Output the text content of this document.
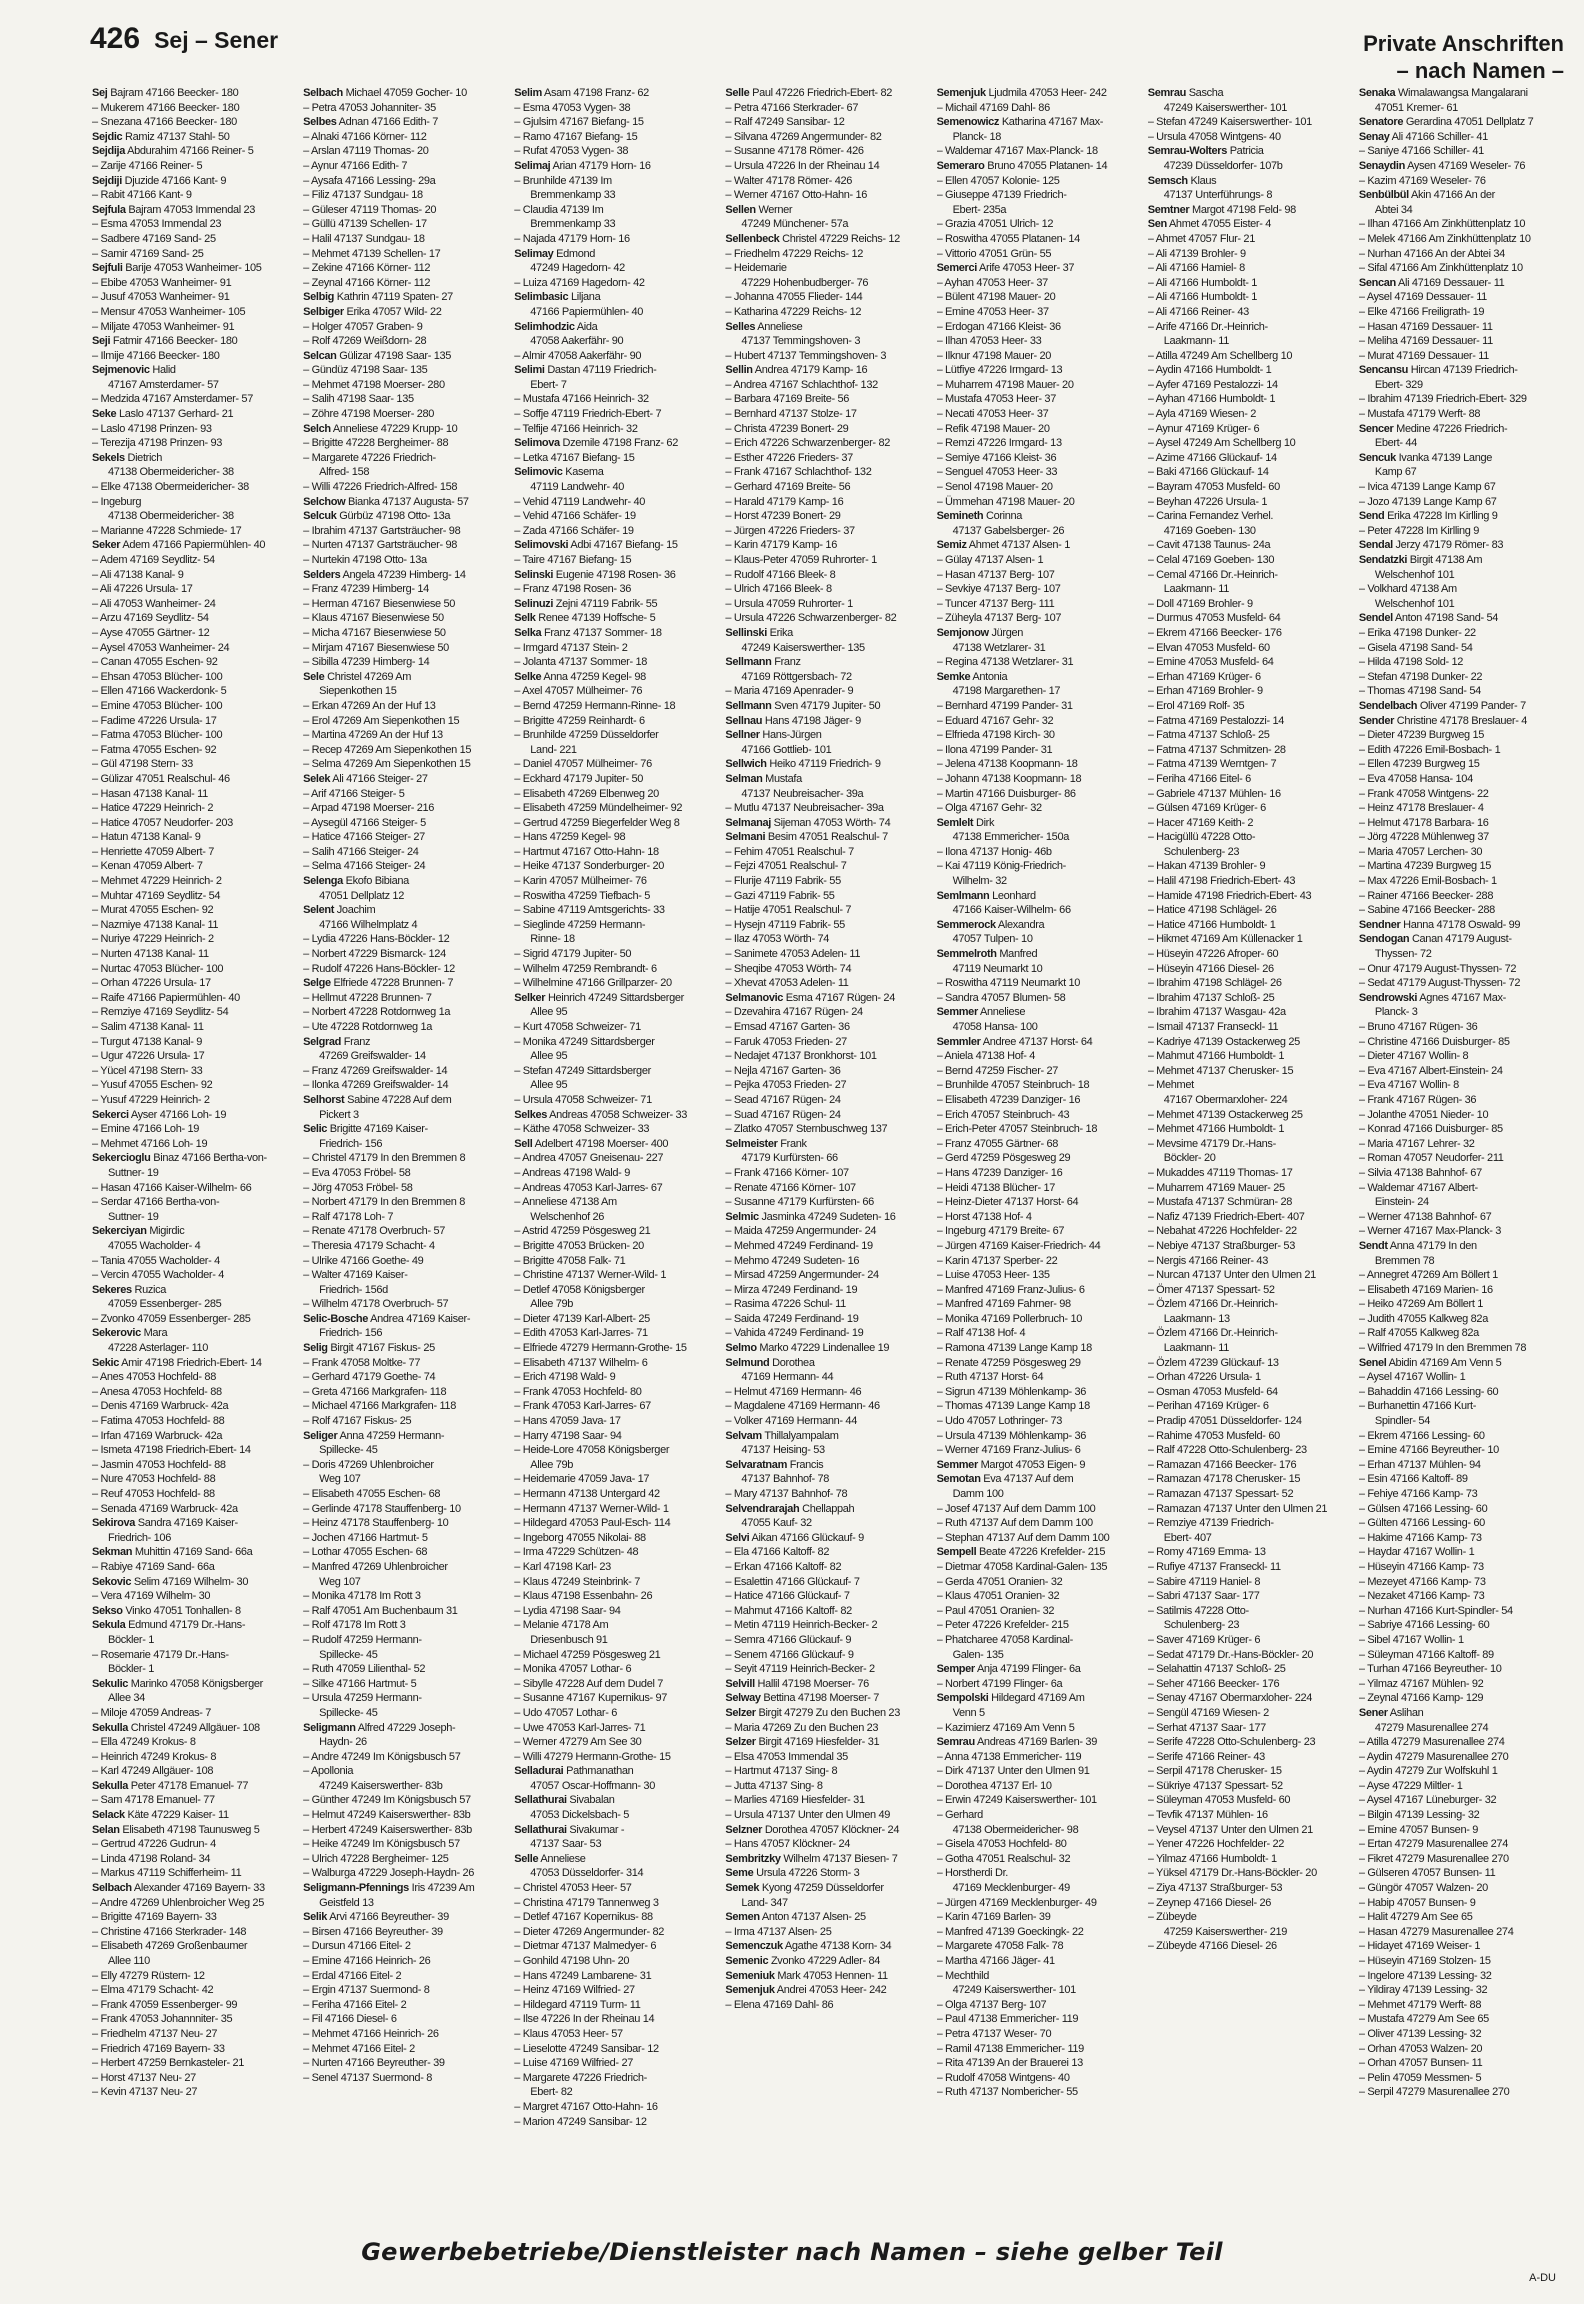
426 Sej – Sener	Private Anschriften
– nach Namen –
Sej Bajram 47166 Beecker- 180
– Mukerem 47166 Beecker- 180
– Snezana 47166 Beecker- 180
Sejdic Ramiz 47137 Stahl- 50
Sejdija Abdurahim 47166 Reiner- 5
– Zarije 47166 Reiner- 5
Sejdiji Djuzide 47166 Kant- 9
– Rabit 47166 Kant- 9
Sejfula Bajram 47053 Immendal 23
– Esma 47053 Immendal 23
– Sadbere 47169 Sand- 25
– Samir 47169 Sand- 25
Sejfuli Barije 47053 Wanheimer- 105
– Ebibe 47053 Wanheimer- 91
– Jusuf 47053 Wanheimer- 91
– Mensur 47053 Wanheimer- 105
– Miljate 47053 Wanheimer- 91
Seji Fatmir 47166 Beecker- 180
– Ilmije 47166 Beecker- 180
Sejmenovic Halid
47167 Amsterdamer- 57
– Medzida 47167 Amsterdamer- 57
Seke Laslo 47137 Gerhard- 21
– Laslo 47198 Prinzen- 93
– Terezija 47198 Prinzen- 93
Sekels Dietrich
47138 Obermeidericher- 38
– Elke 47138 Obermeidericher- 38
– Ingeburg
47138 Obermeidericher- 38
– Marianne 47228 Schmiede- 17
Seker Adem 47166 Papiermühlen- 40
– Adem 47169 Seydlitz- 54
– Ali 47138 Kanal- 9
– Ali 47226 Ursula- 17
– Ali 47053 Wanheimer- 24
– Arzu 47169 Seydlitz- 54
– Ayse 47055 Gärtner- 12
– Aysel 47053 Wanheimer- 24
– Canan 47055 Eschen- 92
– Ehsan 47053 Blücher- 100
– Ellen 47166 Wackerdonk- 5
– Emine 47053 Blücher- 100
– Fadime 47226 Ursula- 17
– Fatma 47053 Blücher- 100
– Fatma 47055 Eschen- 92
– Gül 47198 Stern- 33
– Gülizar 47051 Realschul- 46
– Hasan 47138 Kanal- 11
– Hatice 47229 Heinrich- 2
– Hatice 47057 Neudorfer- 203
– Hatun 47138 Kanal- 9
– Henriette 47059 Albert- 7
– Kenan 47059 Albert- 7
– Mehmet 47229 Heinrich- 2
– Muhtar 47169 Seydlitz- 54
– Murat 47055 Eschen- 92
– Nazmiye 47138 Kanal- 11
– Nuriye 47229 Heinrich- 2
– Nurten 47138 Kanal- 11
– Nurtac 47053 Blücher- 100
– Orhan 47226 Ursula- 17
– Raife 47166 Papiermühlen- 40
– Remziye 47169 Seydlitz- 54
– Salim 47138 Kanal- 11
– Turgut 47138 Kanal- 9
– Ugur 47226 Ursula- 17
– Yücel 47198 Stern- 33
– Yusuf 47055 Eschen- 92
– Yusuf 47229 Heinrich- 2
Sekerci Ayser 47166 Loh- 19
– Emine 47166 Loh- 19
– Mehmet 47166 Loh- 19
Sekercioglu Binaz 47166 Bertha-von-
Suttner- 19
– Hasan 47166 Kaiser-Wilhelm- 66
– Serdar 47166 Bertha-von-
Suttner- 19
Sekerciyan Migirdic
47055 Wacholder- 4
– Tania 47055 Wacholder- 4
– Vercin 47055 Wacholder- 4
Sekeres Ruzica
47059 Essenberger- 285
– Zvonko 47059 Essenberger- 285
Sekerovic Mara
47228 Asterlager- 110
Sekic Amir 47198 Friedrich-Ebert- 14
– Anes 47053 Hochfeld- 88
– Anesa 47053 Hochfeld- 88
– Denis 47169 Warbruck- 42a
– Fatima 47053 Hochfeld- 88
– Irfan 47169 Warbruck- 42a
– Ismeta 47198 Friedrich-Ebert- 14
– Jasmin 47053 Hochfeld- 88
– Nure 47053 Hochfeld- 88
– Reuf 47053 Hochfeld- 88
– Senada 47169 Warbruck- 42a
Sekirova Sandra 47169 Kaiser-
Friedrich- 106
Sekman Muhittin 47169 Sand- 66a
– Rabiye 47169 Sand- 66a
Sekovic Selim 47169 Wilhelm- 30
– Vera 47169 Wilhelm- 30
Sekso Vinko 47051 Tonhallen- 8
Sekula Edmund 47179 Dr.-Hans-
Böckler- 1
– Rosemarie 47179 Dr.-Hans-
Böckler- 1
Sekulic Marinko 47058 Königsberger
Allee 34
– Miloje 47059 Andreas- 7
Sekulla Christel 47249 Allgäuer- 108
– Ella 47249 Krokus- 8
– Heinrich 47249 Krokus- 8
– Karl 47249 Allgäuer- 108
Sekulla Peter 47178 Emanuel- 77
– Sam 47178 Emanuel- 77
Selack Käte 47229 Kaiser- 11
Selan Elisabeth 47198 Taunusweg 5
– Gertrud 47226 Gudrun- 4
– Linda 47198 Roland- 34
– Markus 47119 Schifferheim- 11
Selbach Alexander 47169 Bayern- 33
– Andre 47269 Uhlenbroicher Weg 25
– Brigitte 47169 Bayern- 33
– Christine 47166 Sterkrader- 148
– Elisabeth 47269 Großenbaumer
Allee 110
– Elly 47279 Rüstern- 12
– Elma 47179 Schacht- 42
– Frank 47059 Essenberger- 99
– Frank 47053 Johannniter- 35
– Friedhelm 47137 Neu- 27
– Friedrich 47169 Bayern- 33
– Herbert 47259 Bernkasteler- 21
– Horst 47137 Neu- 27
– Kevin 47137 Neu- 27
Selbach Michael 47059 Gocher- 10
– Petra 47053 Johanniter- 35
Selbes Adnan 47166 Edith- 7
– Alnaki 47166 Körner- 112
– Arslan 47119 Thomas- 20
– Aynur 47166 Edith- 7
– Aysafa 47166 Lessing- 29a
– Filiz 47137 Sundgau- 18
– Güleser 47119 Thomas- 20
– Güllü 47139 Schellen- 17
– Halil 47137 Sundgau- 18
– Mehmet 47139 Schellen- 17
– Zekine 47166 Körner- 112
– Zeynal 47166 Körner- 112
Selbig Kathrin 47119 Spaten- 27
Selbiger Erika 47057 Wild- 22
– Holger 47057 Graben- 9
– Rolf 47269 Weißdorn- 28
Selcan Gülizar 47198 Saar- 135
– Gündüz 47198 Saar- 135
– Mehmet 47198 Moerser- 280
– Salih 47198 Saar- 135
– Zöhre 47198 Moerser- 280
Selch Anneliese 47229 Krupp- 10
– Brigitte 47228 Bergheimer- 88
– Margarete 47226 Friedrich-
Alfred- 158
– Willi 47226 Friedrich-Alfred- 158
Selchow Bianka 47137 Augusta- 57
Selcuk Gürbüz 47198 Otto- 13a
– Ibrahim 47137 Gartsträucher- 98
– Nurten 47137 Gartsträucher- 98
– Nurtekin 47198 Otto- 13a
Selders Angela 47239 Himberg- 14
– Franz 47239 Himberg- 14
– Herman 47167 Biesenwiese 50
– Klaus 47167 Biesenwiese 50
– Micha 47167 Biesenwiese 50
– Mirjam 47167 Biesenwiese 50
– Sibilla 47239 Himberg- 14
Sele Christel 47269 Am
Siepenkothen 15
– Erkan 47269 An der Huf 13
– Erol 47269 Am Siepenkothen 15
– Martina 47269 An der Huf 13
– Recep 47269 Am Siepenkothen 15
– Selma 47269 Am Siepenkothen 15
Selek Ali 47166 Steiger- 27
– Arif 47166 Steiger- 5
– Arpad 47198 Moerser- 216
– Aysegül 47166 Steiger- 5
– Hatice 47166 Steiger- 27
– Salih 47166 Steiger- 24
– Selma 47166 Steiger- 24
Selenga Ekofo Bibiana
47051 Dellplatz 12
Selent Joachim
47166 Wilhelmplatz 4
– Lydia 47226 Hans-Böckler- 12
– Norbert 47229 Bismarck- 124
– Rudolf 47226 Hans-Böckler- 12
Selge Elfriede 47228 Brunnen- 7
– Hellmut 47228 Brunnen- 7
– Norbert 47228 Rotdornweg 1a
– Ute 47228 Rotdornweg 1a
Selgrad Franz
47269 Greifswalder- 14
– Franz 47269 Greifswalder- 14
– Ilonka 47269 Greifswalder- 14
Selhorst Sabine 47228 Auf dem
Pickert 3
Selic Brigitte 47169 Kaiser-
Friedrich- 156
– Christel 47179 In den Bremmen 8
– Eva 47053 Fröbel- 58
– Jörg 47053 Fröbel- 58
– Norbert 47179 In den Bremmen 8
– Ralf 47178 Loh- 7
– Renate 47178 Overbruch- 57
– Theresia 47179 Schacht- 4
– Ulrike 47166 Goethe- 49
– Walter 47169 Kaiser-
Friedrich- 156d
– Wilhelm 47178 Overbruch- 57
Selic-Bosche Andrea 47169 Kaiser-
Friedrich- 156
Selig Birgit 47167 Fiskus- 25
– Frank 47058 Moltke- 77
– Gerhard 47179 Goethe- 74
– Greta 47166 Markgrafen- 118
– Michael 47166 Markgrafen- 118
– Rolf 47167 Fiskus- 25
Seliger Anna 47259 Hermann-
Spillecke- 45
– Doris 47269 Uhlenbroicher
Weg 107
– Elisabeth 47055 Eschen- 68
– Gerlinde 47178 Stauffenberg- 10
– Heinz 47178 Stauffenberg- 10
– Jochen 47166 Hartmut- 5
– Lothar 47055 Eschen- 68
– Manfred 47269 Uhlenbroicher
Weg 107
– Monika 47178 Im Rott 3
– Ralf 47051 Am Buchenbaum 31
– Rolf 47178 Im Rott 3
– Rudolf 47259 Hermann-
Spillecke- 45
– Ruth 47059 Lilienthal- 52
– Silke 47166 Hartmut- 5
– Ursula 47259 Hermann-
Spillecke- 45
Seligmann Alfred 47229 Joseph-
Haydn- 26
– Andre 47249 Im Königsbusch 57
– Apollonia
47249 Kaiserswerther- 83b
– Günther 47249 Im Königsbusch 57
– Helmut 47249 Kaiserswerther- 83b
– Herbert 47249 Kaiserswerther- 83b
– Heike 47249 Im Königsbusch 57
– Ulrich 47228 Bergheimer- 125
– Walburga 47229 Joseph-Haydn- 26
Seligmann-Pfennings Iris 47239 Am
Geistfeld 13
Selik Arvi 47166 Beyreuther- 39
– Birsen 47166 Beyreuther- 39
– Dursun 47166 Eitel- 2
– Emine 47166 Heinrich- 26
– Erdal 47166 Eitel- 2
– Ergin 47137 Suermond- 8
– Feriha 47166 Eitel- 2
– Fil 47166 Diesel- 6
– Mehmet 47166 Heinrich- 26
– Mehmet 47166 Eitel- 2
– Nurten 47166 Beyreuther- 39
– Senel 47137 Suermond- 8
Selim Asam 47198 Franz- 62
– Esma 47053 Vygen- 38
– Gjulsim 47167 Biefang- 15
– Ramo 47167 Biefang- 15
– Rufat 47053 Vygen- 38
Selimaj Arian 47179 Horn- 16
– Brunhilde 47139 Im
Bremmenkamp 33
– Claudia 47139 Im
Bremmenkamp 33
– Najada 47179 Horn- 16
Selimay Edmond
47249 Hagedorn- 42
– Luiza 47169 Hagedorn- 42
Selimbasic Liljana
47166 Papiermühlen- 40
Selimhodzic Aida
47058 Aakerfähr- 90
– Almir 47058 Aakerfähr- 90
Selimi Dastan 47119 Friedrich-
Ebert- 7
– Mustafa 47166 Heinrich- 32
– Soffje 47119 Friedrich-Ebert- 7
– Telfije 47166 Heinrich- 32
Selimova Dzemile 47198 Franz- 62
– Letka 47167 Biefang- 15
Selimovic Kasema
47119 Landwehr- 40
– Vehid 47119 Landwehr- 40
– Vehid 47166 Schäfer- 19
– Zada 47166 Schäfer- 19
Selimovski Adbi 47167 Biefang- 15
– Taire 47167 Biefang- 15
Selinski Eugenie 47198 Rosen- 36
– Franz 47198 Rosen- 36
Selinuzi Zejni 47119 Fabrik- 55
Selk Renee 47139 Hoffsche- 5
Selka Franz 47137 Sommer- 18
– Irmgard 47137 Stein- 2
– Jolanta 47137 Sommer- 18
Selke Anna 47259 Kegel- 98
– Axel 47057 Mülheimer- 76
– Bernd 47259 Hermann-Rinne- 18
– Brigitte 47259 Reinhardt- 6
– Brunhilde 47259 Düsseldorfer
Land- 221
– Daniel 47057 Mülheimer- 76
– Eckhard 47179 Jupiter- 50
– Elisabeth 47269 Elbenweg 20
– Elisabeth 47259 Mündelheimer- 92
– Gertrud 47259 Biegerfelder Weg 8
– Hans 47259 Kegel- 98
– Hartmut 47167 Otto-Hahn- 18
– Heike 47137 Sonderburger- 20
– Karin 47057 Mülheimer- 76
– Roswitha 47259 Tiefbach- 5
– Sabine 47119 Amtsgerichts- 33
– Sieglinde 47259 Hermann-
Rinne- 18
– Sigrid 47179 Jupiter- 50
– Wilhelm 47259 Rembrandt- 6
– Wilhelmine 47166 Grillparzer- 20
Selker Heinrich 47249 Sittardsberger
Allee 95
– Kurt 47058 Schweizer- 71
– Monika 47249 Sittardsberger
Allee 95
– Stefan 47249 Sittardsberger
Allee 95
– Ursula 47058 Schweizer- 71
Selkes Andreas 47058 Schweizer- 33
– Käthe 47058 Schweizer- 33
Sell Adelbert 47198 Moerser- 400
– Andrea 47057 Gneisenau- 227
– Andreas 47198 Wald- 9
– Andreas 47053 Karl-Jarres- 67
– Anneliese 47138 Am
Welschenhof 26
– Astrid 47259 Pösgesweg 21
– Brigitte 47053 Brücken- 20
– Brigitte 47058 Falk- 71
– Christine 47137 Werner-Wild- 1
– Detlef 47058 Königsberger
Allee 79b
– Dieter 47139 Karl-Albert- 25
– Edith 47053 Karl-Jarres- 71
– Elfriede 47279 Hermann-Grothe- 15
– Elisabeth 47137 Wilhelm- 6
– Erich 47198 Wald- 9
– Frank 47053 Hochfeld- 80
– Frank 47053 Karl-Jarres- 67
– Hans 47059 Java- 17
– Harry 47198 Saar- 94
– Heide-Lore 47058 Königsberger
Allee 79b
– Heidemarie 47059 Java- 17
– Hermann 47138 Untergard 42
– Hermann 47137 Werner-Wild- 1
– Hildegard 47053 Paul-Esch- 114
– Ingeborg 47055 Nikolai- 88
– Irma 47229 Schützen- 48
– Karl 47198 Karl- 23
– Klaus 47249 Steinbrink- 7
– Klaus 47198 Essenbahn- 26
– Lydia 47198 Saar- 94
– Melanie 47178 Am
Driesenbusch 91
– Michael 47259 Pösgesweg 21
– Monika 47057 Lothar- 6
– Sibylle 47228 Auf dem Dudel 7
– Susanne 47167 Kupernikus- 97
– Udo 47057 Lothar- 6
– Uwe 47053 Karl-Jarres- 71
– Werner 47279 Am See 30
– Willi 47279 Hermann-Grothe- 15
Selladurai Pathmanathan
47057 Oscar-Hoffmann- 30
Sellathurai Sivabalan
47053 Dickelsbach- 5
Sellathurai Sivakumar -
47137 Saar- 53
Selle Anneliese
47053 Düsseldorfer- 314
– Christel 47053 Heer- 57
– Christina 47179 Tannenweg 3
– Detlef 47167 Kopernikus- 88
– Dieter 47269 Angermunder- 82
– Dietmar 47137 Malmedyer- 6
– Gonhild 47198 Uhn- 20
– Hans 47249 Lambarene- 31
– Heinz 47169 Wilfried- 27
– Hildegard 47119 Turm- 11
– Ilse 47226 In der Rheinau 14
– Klaus 47053 Heer- 57
– Lieselotte 47249 Sansibar- 12
– Luise 47169 Wilfried- 27
– Margarete 47226 Friedrich-
Ebert- 82
– Margret 47167 Otto-Hahn- 16
– Marion 47249 Sansibar- 12
Selle Paul 47226 Friedrich-Ebert- 82
– Petra 47166 Sterkrader- 67
– Ralf 47249 Sansibar- 12
– Silvana 47269 Angermunder- 82
– Susanne 47178 Römer- 426
– Ursula 47226 In der Rheinau 14
– Walter 47178 Römer- 426
– Werner 47167 Otto-Hahn- 16
Sellen Werner
47249 Münchener- 57a
Sellenbeck Christel 47229 Reichs- 12
– Friedhelm 47229 Reichs- 12
– Heidemarie
47229 Hohenbudberger- 76
– Johanna 47055 Flieder- 144
– Katharina 47229 Reichs- 12
Selles Anneliese
47137 Temmingshoven- 3
– Hubert 47137 Temmingshoven- 3
Sellin Andrea 47179 Kamp- 16
– Andrea 47167 Schlachthof- 132
– Barbara 47169 Breite- 56
– Bernhard 47137 Stolze- 17
– Christa 47239 Bonert- 29
– Erich 47226 Schwarzenberger- 82
– Esther 47226 Frieders- 37
– Frank 47167 Schlachthof- 132
– Gerhard 47169 Breite- 56
– Harald 47179 Kamp- 16
– Horst 47239 Bonert- 29
– Jürgen 47226 Frieders- 37
– Karin 47179 Kamp- 16
– Klaus-Peter 47059 Ruhrorter- 1
– Rudolf 47166 Bleek- 8
– Ulrich 47166 Bleek- 8
– Ursula 47059 Ruhrorter- 1
– Ursula 47226 Schwarzenberger- 82
Sellinski Erika
47249 Kaiserswerther- 135
Sellmann Franz
47169 Röttgersbach- 72
– Maria 47169 Apenrader- 9
Sellmann Sven 47179 Jupiter- 50
Sellnau Hans 47198 Jäger- 9
Sellner Hans-Jürgen
47166 Gottlieb- 101
Sellwich Heiko 47119 Friedrich- 9
Selman Mustafa
47137 Neubreisacher- 39a
– Mutlu 47137 Neubreisacher- 39a
Selmanaj Sijeman 47053 Wörth- 74
Selmani Besim 47051 Realschul- 7
– Fehim 47051 Realschul- 7
– Fejzi 47051 Realschul- 7
– Flurije 47119 Fabrik- 55
– Gazi 47119 Fabrik- 55
– Hatije 47051 Realschul- 7
– Hysejn 47119 Fabrik- 55
– Ilaz 47053 Wörth- 74
– Sanimete 47053 Adelen- 11
– Sheqibe 47053 Wörth- 74
– Xhevat 47053 Adelen- 11
Selmanovic Esma 47167 Rügen- 24
– Dzevahira 47167 Rügen- 24
– Emsad 47167 Garten- 36
– Faruk 47053 Frieden- 27
– Nedajet 47137 Bronkhorst- 101
– Nejla 47167 Garten- 36
– Pejka 47053 Frieden- 27
– Sead 47167 Rügen- 24
– Suad 47167 Rügen- 24
– Zlatko 47057 Sternbuschweg 137
Selmeister Frank
47179 Kurfürsten- 66
– Frank 47166 Körner- 107
– Renate 47166 Körner- 107
– Susanne 47179 Kurfürsten- 66
Selmic Jasminka 47249 Sudeten- 16
– Maida 47259 Angermunder- 24
– Mehmed 47249 Ferdinand- 19
– Mehmo 47249 Sudeten- 16
– Mirsad 47259 Angermunder- 24
– Mirza 47249 Ferdinand- 19
– Rasima 47226 Schul- 11
– Saida 47249 Ferdinand- 19
– Vahida 47249 Ferdinand- 19
Selmo Marko 47229 Lindenallee 19
Selmund Dorothea
47169 Hermann- 44
– Helmut 47169 Hermann- 46
– Magdalene 47169 Hermann- 46
– Volker 47169 Hermann- 44
Selvam Thillalyampalam
47137 Heising- 53
Selvaratnam Francis
47137 Bahnhof- 78
– Mary 47137 Bahnhof- 78
Selvendrarajah Chellappah
47055 Kauf- 32
Selvi Aikan 47166 Glückauf- 9
– Ela 47166 Kaltoff- 82
– Erkan 47166 Kaltoff- 82
– Esalettin 47166 Glückauf- 7
– Hatice 47166 Glückauf- 7
– Mahmut 47166 Kaltoff- 82
– Metin 47119 Heinrich-Becker- 2
– Semra 47166 Glückauf- 9
– Senem 47166 Glückauf- 9
– Seyit 47119 Heinrich-Becker- 2
Selvill Hallil 47198 Moerser- 76
Selway Bettina 47198 Moerser- 7
Selzer Birgit 47279 Zu den Buchen 23
– Maria 47269 Zu den Buchen 23
Selzer Birgit 47169 Hiesfelder- 31
– Elsa 47053 Immendal 35
– Hartmut 47137 Sing- 8
– Jutta 47137 Sing- 8
– Marlies 47169 Hiesfelder- 31
– Ursula 47137 Unter den Ulmen 49
Selzner Dorothea 47057 Klöckner- 24
– Hans 47057 Klöckner- 24
Sembritzky Wilhelm 47137 Biesen- 7
Seme Ursula 47226 Storm- 3
Semek Kyong 47259 Düsseldorfer
Land- 347
Semen Anton 47137 Alsen- 25
– Irma 47137 Alsen- 25
Semenczuk Agathe 47138 Korn- 34
Semenic Zvonko 47229 Adler- 84
Semeniuk Mark 47053 Hennen- 11
Semenjuk Andrei 47053 Heer- 242
– Elena 47169 Dahl- 86
Semenjuk Ljudmila 47053 Heer- 242
– Michail 47169 Dahl- 86
Semenowicz Katharina 47167 Max-
Planck- 18
– Waldemar 47167 Max-Planck- 18
Semeraro Bruno 47055 Platanen- 14
– Ellen 47057 Kolonie- 125
– Giuseppe 47139 Friedrich-
Ebert- 235a
– Grazia 47051 Ulrich- 12
– Roswitha 47055 Platanen- 14
– Vittorio 47051 Grün- 55
Semerci Arife 47053 Heer- 37
– Ayhan 47053 Heer- 37
– Bülent 47198 Mauer- 20
– Emine 47053 Heer- 37
– Erdogan 47166 Kleist- 36
– Ilhan 47053 Heer- 33
– Ilknur 47198 Mauer- 20
– Lütfiye 47226 Irmgard- 13
– Muharrem 47198 Mauer- 20
– Mustafa 47053 Heer- 37
– Necati 47053 Heer- 37
– Refik 47198 Mauer- 20
– Remzi 47226 Irmgard- 13
– Semiye 47166 Kleist- 36
– Senguel 47053 Heer- 33
– Senol 47198 Mauer- 20
– Ümmehan 47198 Mauer- 20
Semineth Corinna
47137 Gabelsberger- 26
Semiz Ahmet 47137 Alsen- 1
– Gülay 47137 Alsen- 1
– Hasan 47137 Berg- 107
– Sevkiye 47137 Berg- 107
– Tuncer 47137 Berg- 111
– Züheyla 47137 Berg- 107
Semjonow Jürgen
47138 Wetzlarer- 31
– Regina 47138 Wetzlarer- 31
Semke Antonia
47198 Margarethen- 17
– Bernhard 47199 Pander- 31
– Eduard 47167 Gehr- 32
– Elfrieda 47198 Kirch- 30
– Ilona 47199 Pander- 31
– Jelena 47138 Koopmann- 18
– Johann 47138 Koopmann- 18
– Martin 47166 Duisburger- 86
– Olga 47167 Gehr- 32
Semlelt Dirk
47138 Emmericher- 150a
– Ilona 47137 Honig- 46b
– Kai 47119 König-Friedrich-
Wilhelm- 32
Semlmann Leonhard
47166 Kaiser-Wilhelm- 66
Semmerock Alexandra
47057 Tulpen- 10
Semmelroth Manfred
47119 Neumarkt 10
– Roswitha 47119 Neumarkt 10
– Sandra 47057 Blumen- 58
Semmer Anneliese
47058 Hansa- 100
Semmler Andree 47137 Horst- 64
– Aniela 47138 Hof- 4
– Bernd 47259 Fischer- 27
– Brunhilde 47057 Steinbruch- 18
– Elisabeth 47239 Danziger- 16
– Erich 47057 Steinbruch- 43
– Erich-Peter 47057 Steinbruch- 18
– Franz 47055 Gärtner- 68
– Gerd 47259 Pösgesweg 29
– Hans 47239 Danziger- 16
– Heidi 47138 Blücher- 17
– Heinz-Dieter 47137 Horst- 64
– Horst 47138 Hof- 4
– Ingeburg 47179 Breite- 67
– Jürgen 47169 Kaiser-Friedrich- 44
– Karin 47137 Sperber- 22
– Luise 47053 Heer- 135
– Manfred 47169 Franz-Julius- 6
– Manfred 47169 Fahrner- 98
– Monika 47169 Pollerbruch- 10
– Ralf 47138 Hof- 4
– Ramona 47139 Lange Kamp 18
– Renate 47259 Pösgesweg 29
– Ruth 47137 Horst- 64
– Sigrun 47139 Möhlenkamp- 36
– Thomas 47139 Lange Kamp 18
– Udo 47057 Lothringer- 73
– Ursula 47139 Möhlenkamp- 36
– Werner 47169 Franz-Julius- 6
Semmer Margot 47053 Eigen- 9
Semotan Eva 47137 Auf dem
Damm 100
– Josef 47137 Auf dem Damm 100
– Ruth 47137 Auf dem Damm 100
– Stephan 47137 Auf dem Damm 100
Sempell Beate 47226 Krefelder- 215
– Dietmar 47058 Kardinal-Galen- 135
– Gerda 47051 Oranien- 32
– Klaus 47051 Oranien- 32
– Paul 47051 Oranien- 32
– Peter 47226 Krefelder- 215
– Phatcharee 47058 Kardinal-
Galen- 135
Semper Anja 47199 Flinger- 6a
– Norbert 47199 Flinger- 6a
Sempolski Hildegard 47169 Am
Venn 5
– Kazimierz 47169 Am Venn 5
Semrau Andreas 47169 Barlen- 39
– Anna 47138 Emmericher- 119
– Dirk 47137 Unter den Ulmen 91
– Dorothea 47137 Erl- 10
– Erwin 47249 Kaiserswerther- 101
– Gerhard
47138 Obermeidericher- 98
– Gisela 47053 Hochfeld- 80
– Gotha 47051 Realschul- 32
– Horstherdi Dr.
47169 Mecklenburger- 49
– Jürgen 47169 Mecklenburger- 49
– Karin 47169 Barlen- 39
– Manfred 47139 Goeckingk- 22
– Margarete 47058 Falk- 78
– Martha 47166 Jäger- 41
– Mechthild
47249 Kaiserswerther- 101
– Olga 47137 Berg- 107
– Paul 47138 Emmericher- 119
– Petra 47137 Weser- 70
– Ramil 47138 Emmericher- 119
– Rita 47139 An der Brauerei 13
– Rudolf 47058 Wintgens- 40
– Ruth 47137 Nombericher- 55
Semrau Sascha
47249 Kaiserswerther- 101
– Stefan 47249 Kaiserswerther- 101
– Ursula 47058 Wintgens- 40
Semrau-Wolters Patricia
47239 Düsseldorfer- 107b
Semsch Klaus
47137 Unterführungs- 8
Semtner Margot 47198 Feld- 98
Sen Ahmet 47055 Eister- 4
– Ahmet 47057 Flur- 21
– Ali 47139 Brohler- 9
– Ali 47166 Hamiel- 8
– Ali 47166 Humboldt- 1
– Ali 47166 Humboldt- 1
– Ali 47166 Reiner- 43
– Arife 47166 Dr.-Heinrich-
Laakmann- 11
– Atilla 47249 Am Schellberg 10
– Aydin 47166 Humboldt- 1
– Ayfer 47169 Pestalozzi- 14
– Ayhan 47166 Humboldt- 1
– Ayla 47169 Wiesen- 2
– Aynur 47169 Krüger- 6
– Aysel 47249 Am Schellberg 10
– Azime 47166 Glückauf- 14
– Baki 47166 Glückauf- 14
– Bayram 47053 Musfeld- 60
– Beyhan 47226 Ursula- 1
– Carina Fernandez Verhel.
47169 Goeben- 130
– Cavit 47138 Taunus- 24a
– Celal 47169 Goeben- 130
– Cemal 47166 Dr.-Heinrich-
Laakmann- 11
– Doll 47169 Brohler- 9
– Durmus 47053 Musfeld- 64
– Ekrem 47166 Beecker- 176
– Elvan 47053 Musfeld- 60
– Emine 47053 Musfeld- 64
– Erhan 47169 Krüger- 6
– Erhan 47169 Brohler- 9
– Erol 47169 Rolf- 35
– Fatma 47169 Pestalozzi- 14
– Fatma 47137 Schloß- 25
– Fatma 47137 Schmitzen- 28
– Fatma 47139 Werntgen- 7
– Feriha 47166 Eitel- 6
– Gabriele 47137 Mühlen- 16
– Gülsen 47169 Krüger- 6
– Hacer 47169 Keith- 2
– Hacigüllü 47228 Otto-
Schulenberg- 23
– Hakan 47139 Brohler- 9
– Halil 47198 Friedrich-Ebert- 43
– Hamide 47198 Friedrich-Ebert- 43
– Hatice 47198 Schlägel- 26
– Hatice 47166 Humboldt- 1
– Hikmet 47169 Am Küllenacker 1
– Hüseyin 47226 Afroper- 60
– Hüseyin 47166 Diesel- 26
– Ibrahim 47198 Schlägel- 26
– Ibrahim 47137 Schloß- 25
– Ibrahim 47137 Wasgau- 42a
– Ismail 47137 Franseckl- 11
– Kadriye 47139 Ostackerweg 25
– Mahmut 47166 Humboldt- 1
– Mehmet 47137 Cherusker- 15
– Mehmet
47167 Obermarxloher- 224
– Mehmet 47139 Ostackerweg 25
– Mehmet 47166 Humboldt- 1
– Mevsime 47179 Dr.-Hans-
Böckler- 20
– Mukaddes 47119 Thomas- 17
– Muharrem 47169 Mauer- 25
– Mustafa 47137 Schmüran- 28
– Nafiz 47139 Friedrich-Ebert- 407
– Nebahat 47226 Hochfelder- 22
– Nebiye 47137 Straßburger- 53
– Nergis 47166 Reiner- 43
– Nurcan 47137 Unter den Ulmen 21
– Ömer 47137 Spessart- 52
– Özlem 47166 Dr.-Heinrich-
Laakmann- 13
– Özlem 47166 Dr.-Heinrich-
Laakmann- 11
– Özlem 47239 Glückauf- 13
– Orhan 47226 Ursula- 1
– Osman 47053 Musfeld- 64
– Perihan 47169 Krüger- 6
– Pradip 47051 Düsseldorfer- 124
– Rahime 47053 Musfeld- 60
– Ralf 47228 Otto-Schulenberg- 23
– Ramazan 47166 Beecker- 176
– Ramazan 47178 Cherusker- 15
– Ramazan 47137 Spessart- 52
– Ramazan 47137 Unter den Ulmen 21
– Remziye 47139 Friedrich-
Ebert- 407
– Romy 47169 Emma- 13
– Rufiye 47137 Franseckl- 11
– Sabire 47119 Haniel- 8
– Sabri 47137 Saar- 177
– Satilmis 47228 Otto-
Schulenberg- 23
– Saver 47169 Krüger- 6
– Sedat 47179 Dr.-Hans-Böckler- 20
– Selahattin 47137 Schloß- 25
– Seher 47166 Beecker- 176
– Senay 47167 Obermarxloher- 224
– Sengül 47169 Wiesen- 2
– Serhat 47137 Saar- 177
– Serife 47228 Otto-Schulenberg- 23
– Serife 47166 Reiner- 43
– Serpil 47178 Cherusker- 15
– Sükriye 47137 Spessart- 52
– Süleyman 47053 Musfeld- 60
– Tevfik 47137 Mühlen- 16
– Veysel 47137 Unter den Ulmen 21
– Yener 47226 Hochfelder- 22
– Yilmaz 47166 Humboldt- 1
– Yüksel 47179 Dr.-Hans-Böckler- 20
– Ziya 47137 Straßburger- 53
– Zeynep 47166 Diesel- 26
– Zübeyde
47259 Kaiserswerther- 219
– Zübeyde 47166 Diesel- 26
Senaka Wimalawangsa Mangalarani
47051 Kremer- 61
Senatore Gerardina 47051 Dellplatz 7
Senay Ali 47166 Schiller- 41
– Saniye 47166 Schiller- 41
Senaydin Aysen 47169 Weseler- 76
– Kazim 47169 Weseler- 76
Senbülbül Akin 47166 An der
Abtei 34
– Ilhan 47166 Am Zinkhüttenplatz 10
– Melek 47166 Am Zinkhüttenplatz 10
– Nurhan 47166 An der Abtei 34
– Sifal 47166 Am Zinkhüttenplatz 10
Sencan Ali 47169 Dessauer- 11
– Aysel 47169 Dessauer- 11
– Elke 47166 Freiligrath- 19
– Hasan 47169 Dessauer- 11
– Meliha 47169 Dessauer- 11
– Murat 47169 Dessauer- 11
Sencansu Hircan 47139 Friedrich-
Ebert- 329
– Ibrahim 47139 Friedrich-Ebert- 329
– Mustafa 47179 Werft- 88
Sencer Medine 47226 Friedrich-
Ebert- 44
Sencuk Ivanka 47139 Lange
Kamp 67
– Ivica 47139 Lange Kamp 67
– Jozo 47139 Lange Kamp 67
Send Erika 47228 Im Kirlling 9
– Peter 47228 Im Kirlling 9
Sendal Jerzy 47179 Römer- 83
Sendatzki Birgit 47138 Am
Welschenhof 101
– Volkhard 47138 Am
Welschenhof 101
Sendel Anton 47198 Sand- 54
– Erika 47198 Dunker- 22
– Gisela 47198 Sand- 54
– Hilda 47198 Sold- 12
– Stefan 47198 Dunker- 22
– Thomas 47198 Sand- 54
Sendelbach Oliver 47199 Pander- 7
Sender Christine 47178 Breslauer- 4
– Dieter 47239 Burgweg 15
– Edith 47226 Emil-Bosbach- 1
– Ellen 47239 Burgweg 15
– Eva 47058 Hansa- 104
– Frank 47058 Wintgens- 22
– Heinz 47178 Breslauer- 4
– Helmut 47178 Barbara- 16
– Jörg 47228 Mühlenweg 37
– Maria 47057 Lerchen- 30
– Martina 47239 Burgweg 15
– Max 47226 Emil-Bosbach- 1
– Rainer 47166 Beecker- 288
– Sabine 47166 Beecker- 288
Sendner Hanna 47178 Oswald- 99
Sendogan Canan 47179 August-
Thyssen- 72
– Onur 47179 August-Thyssen- 72
– Sedat 47179 August-Thyssen- 72
Sendrowski Agnes 47167 Max-
Planck- 3
– Bruno 47167 Rügen- 36
– Christine 47166 Duisburger- 85
– Dieter 47167 Wollin- 8
– Eva 47167 Albert-Einstein- 24
– Eva 47167 Wollin- 8
– Frank 47167 Rügen- 36
– Jolanthe 47051 Nieder- 10
– Konrad 47166 Duisburger- 85
– Maria 47167 Lehrer- 32
– Roman 47057 Neudorfer- 211
– Silvia 47138 Bahnhof- 67
– Waldemar 47167 Albert-
Einstein- 24
– Werner 47138 Bahnhof- 67
– Werner 47167 Max-Planck- 3
Sendt Anna 47179 In den
Bremmen 78
– Annegret 47269 Am Böllert 1
– Elisabeth 47169 Marien- 16
– Heiko 47269 Am Böllert 1
– Judith 47055 Kalkweg 82a
– Ralf 47055 Kalkweg 82a
– Wilfried 47179 In den Bremmen 78
Senel Abidin 47169 Am Venn 5
– Aysel 47167 Wollin- 1
– Bahaddin 47166 Lessing- 60
– Burhanettin 47166 Kurt-
Spindler- 54
– Ekrem 47166 Lessing- 60
– Emine 47166 Beyreuther- 10
– Erhan 47137 Mühlen- 94
– Esin 47166 Kaltoff- 89
– Fehiye 47166 Kamp- 73
– Gülsen 47166 Lessing- 60
– Gülten 47166 Lessing- 60
– Hakime 47166 Kamp- 73
– Haydar 47167 Wollin- 1
– Hüseyin 47166 Kamp- 73
– Mezeyet 47166 Kamp- 73
– Nezaket 47166 Kamp- 73
– Nurhan 47166 Kurt-Spindler- 54
– Sabriye 47166 Lessing- 60
– Sibel 47167 Wollin- 1
– Süleyman 47166 Kaltoff- 89
– Turhan 47166 Beyreuther- 10
– Yilmaz 47167 Mühlen- 92
– Zeynal 47166 Kamp- 129
Sener Aslihan
47279 Masurenallee 274
– Atilla 47279 Masurenallee 274
– Aydin 47279 Masurenallee 270
– Aydin 47279 Zur Wolfskuhl 1
– Ayse 47229 Miltler- 1
– Aysel 47167 Lüneburger- 32
– Bilgin 47139 Lessing- 32
– Emine 47057 Bunsen- 9
– Ertan 47279 Masurenallee 274
– Fikret 47279 Masurenallee 270
– Gülseren 47057 Bunsen- 11
– Güngör 47057 Walzen- 20
– Habip 47057 Bunsen- 9
– Halit 47279 Am See 65
– Hasan 47279 Masurenallee 274
– Hidayet 47169 Weiser- 1
– Hüseyin 47169 Stolzen- 15
– Ingelore 47139 Lessing- 32
– Yildiray 47139 Lessing- 32
– Mehmet 47179 Werft- 88
– Mustafa 47279 Am See 65
– Oliver 47139 Lessing- 32
– Orhan 47053 Walzen- 20
– Orhan 47057 Bunsen- 11
– Pelin 47059 Messmen- 5
– Serpil 47279 Masurenallee 270
Gewerbebetriebe/Dienstleister nach Namen – siehe gelber Teil
A-DU
